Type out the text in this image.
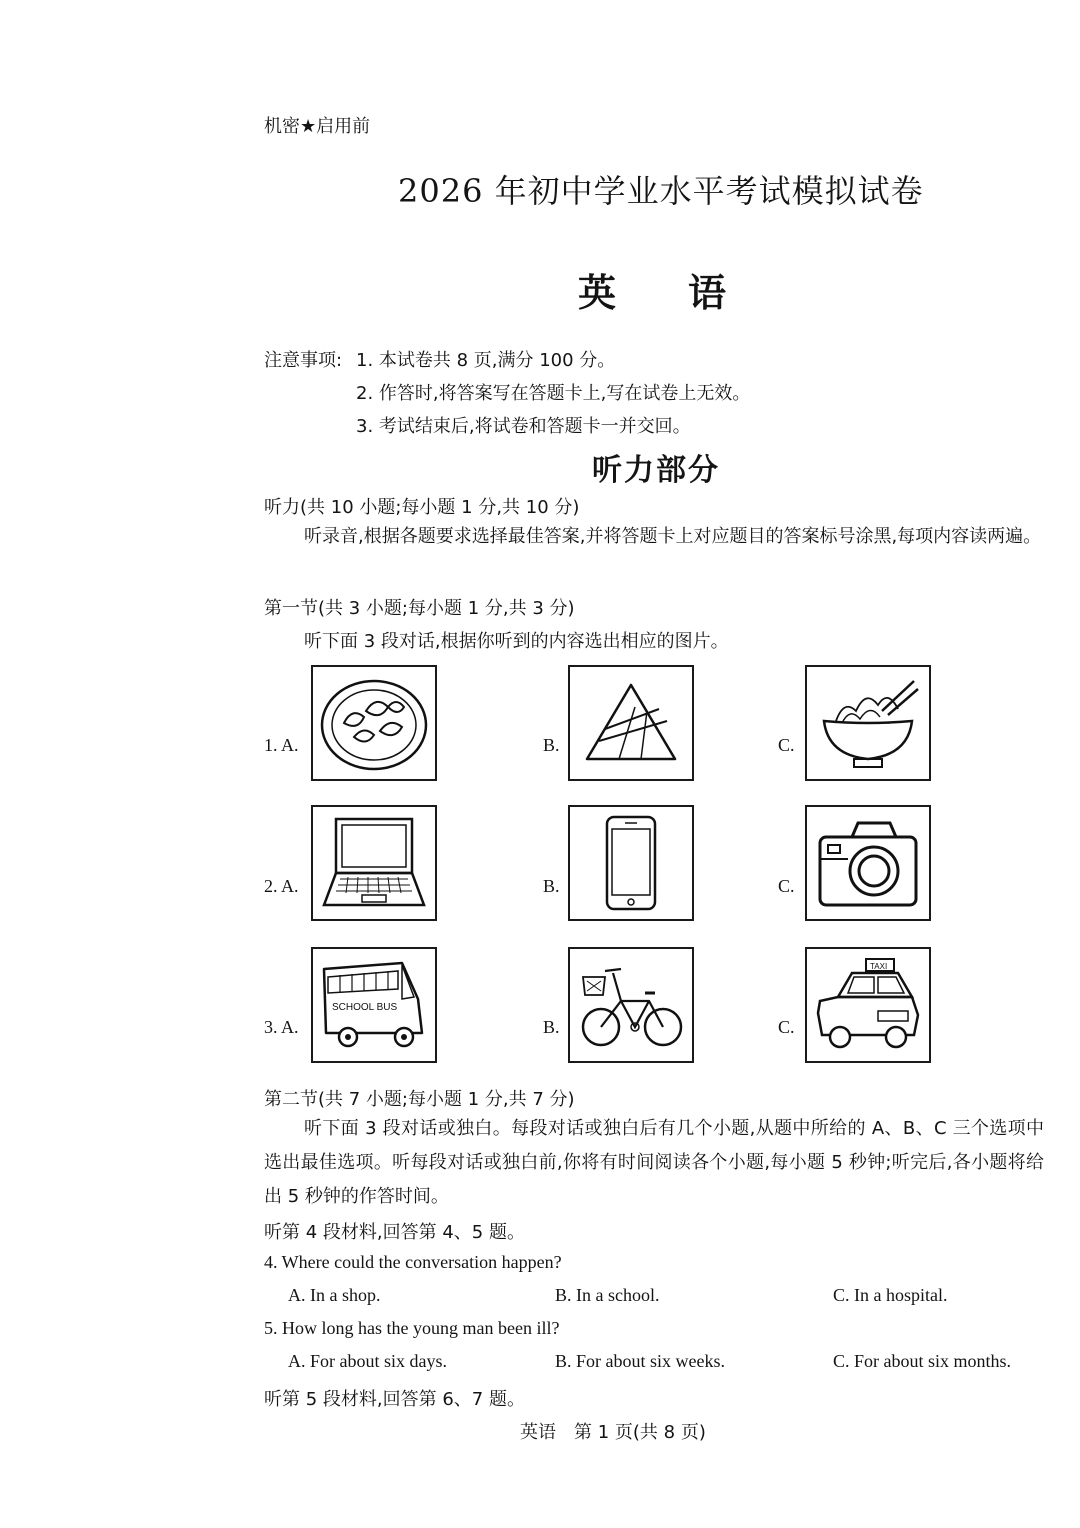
机密★启用前
2026 年初中学业水平考试模拟试卷
英语
注意事项: 1. 本试卷共 8 页,满分 100 分。
2. 作答时,将答案写在答题卡上,写在试卷上无效。
3. 考试结束后,将试卷和答题卡一并交回。
听力部分
听力(共 10 小题;每小题 1 分,共 10 分)
听录音,根据各题要求选择最佳答案,并将答题卡上对应题目的答案标号涂黑,每项内容读两遍。
第一节(共 3 小题;每小题 1 分,共 3 分)
听下面 3 段对话,根据你听到的内容选出相应的图片。
1. A.	B.	C.
2. A.	B.	C.
3. A.
SCHOOL BUS
B.	C.
TAXI
第二节(共 7 小题;每小题 1 分,共 7 分)
听下面 3 段对话或独白。每段对话或独白后有几个小题,从题中所给的 A、B、C 三个选项中选出最佳选项。听每段对话或独白前,你将有时间阅读各个小题,每小题 5 秒钟;听完后,各小题将给出 5 秒钟的作答时间。
听第 4 段材料,回答第 4、5 题。
4. Where could the conversation happen?
A. In a shop.	B. In a school.	C. In a hospital.
5. How long has the young man been ill?
A. For about six days.	B. For about six weeks.	C. For about six months.
听第 5 段材料,回答第 6、7 题。
英语　第 1 页(共 8 页)
